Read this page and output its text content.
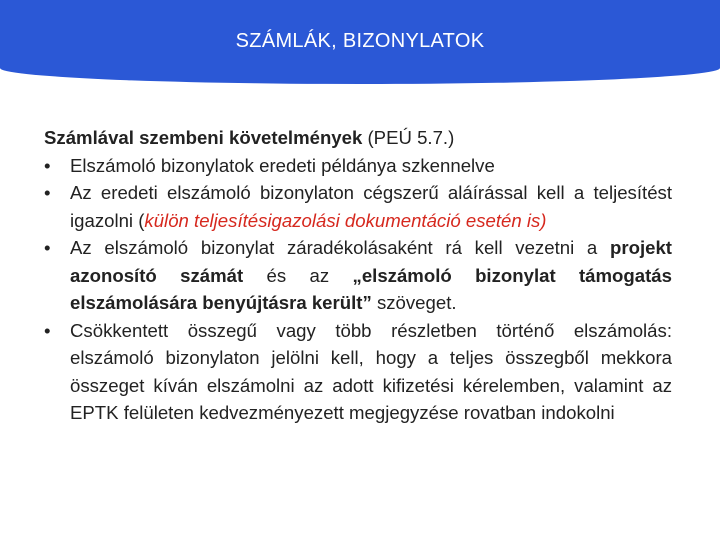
SZÁMLÁK, BIZONYLATOK

Számlával szembeni követelmények (PEÚ 5.7.)

• Elszámoló bizonylatok eredeti példánya szkennelve
• Az eredeti elszámoló bizonylaton cégszerű aláírással kell a teljesítést igazolni (külön teljesítésigazolási dokumentáció esetén is)
• Az elszámoló bizonylat záradékolásaként rá kell vezetni a projekt azonosító számát és az „elszámoló bizonylat támogatás elszámolására benyújtásra került” szöveget.
• Csökkentett összegű vagy több részletben történő elszámolás: elszámoló bizonylaton jelölni kell, hogy a teljes összegből mekkora összeget kíván elszámolni az adott kifizetési kérelemben, valamint az EPTK felületen kedvezményezett megjegyzése rovatban indokolni
